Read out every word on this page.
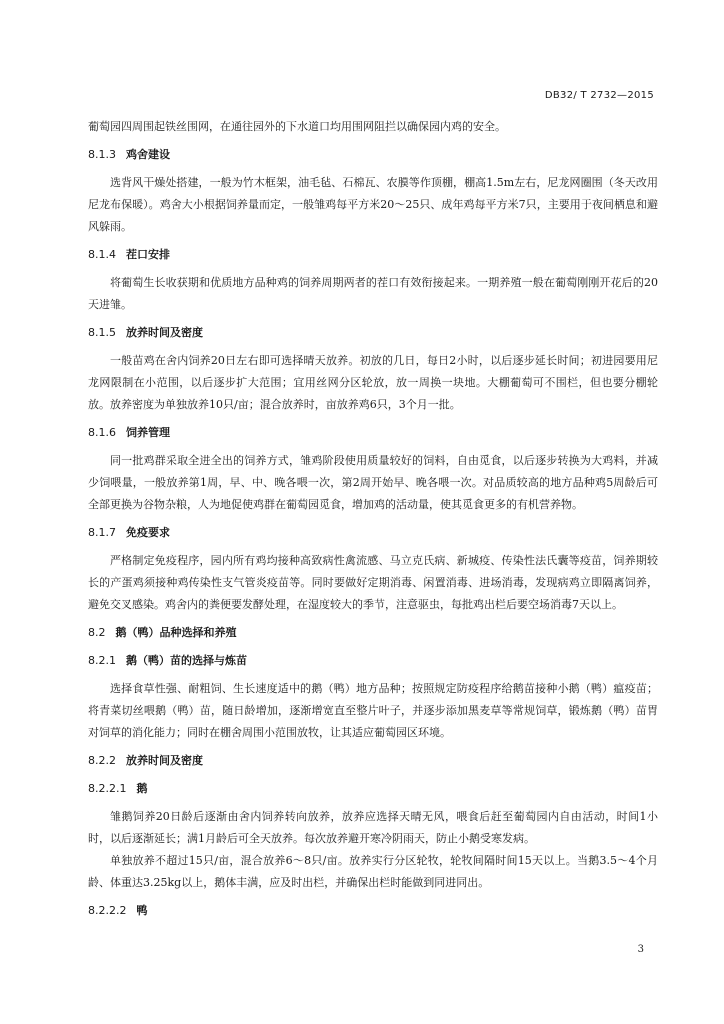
DB32/ T 2732—2015

葡萄园四周围起铁丝围网，在通往园外的下水道口均用围网阻拦以确保园内鸡的安全。

8.1.3 鸡舍建设

选背风干燥处搭建，一般为竹木框架，油毛毡、石棉瓦、农膜等作顶棚，棚高1.5m左右，尼龙网圈围（冬天改用尼龙布保暖）。鸡舍大小根据饲养量而定，一般雏鸡每平方米20～25只、成年鸡每平方米7只，主要用于夜间栖息和避风躲雨。

8.1.4 茬口安排

将葡萄生长收获期和优质地方品种鸡的饲养周期两者的茬口有效衔接起来。一期养殖一般在葡萄刚刚开花后的20天进雏。

8.1.5 放养时间及密度

一般苗鸡在舍内饲养20日左右即可选择晴天放养。初放的几日，每日2小时，以后逐步延长时间；初进园要用尼龙网限制在小范围，以后逐步扩大范围；宜用丝网分区轮放，放一周换一块地。大棚葡萄可不围栏，但也要分棚轮放。放养密度为单独放养10只/亩；混合放养时，亩放养鸡6只，3个月一批。

8.1.6 饲养管理

同一批鸡群采取全进全出的饲养方式，雏鸡阶段使用质量较好的饲料，自由觅食，以后逐步转换为大鸡料，并减少饲喂量，一般放养第1周，早、中、晚各喂一次，第2周开始早、晚各喂一次。对品质较高的地方品种鸡5周龄后可全部更换为谷物杂粮，人为地促使鸡群在葡萄园觅食，增加鸡的活动量，使其觅食更多的有机营养物。

8.1.7 免疫要求

严格制定免疫程序，园内所有鸡均接种高致病性禽流感、马立克氏病、新城疫、传染性法氏囊等疫苗，饲养期较长的产蛋鸡须接种鸡传染性支气管炎疫苗等。同时要做好定期消毒、闲置消毒、进场消毒，发现病鸡立即隔离饲养，避免交叉感染。鸡舍内的粪便要发酵处理，在湿度较大的季节，注意驱虫，每批鸡出栏后要空场消毒7天以上。

8.2 鹅（鸭）品种选择和养殖
8.2.1 鹅（鸭）苗的选择与炼苗

选择食草性强、耐粗饲、生长速度适中的鹅（鸭）地方品种；按照规定防疫程序给鹅苗接种小鹅（鸭）瘟疫苗；将青菜切丝喂鹅（鸭）苗，随日龄增加，逐渐增宽直至整片叶子，并逐步添加黑麦草等常规饲草，锻炼鹅（鸭）苗胃对饲草的消化能力；同时在棚舍周围小范围放牧，让其适应葡萄园区环境。

8.2.2 放养时间及密度
8.2.2.1 鹅

雏鹅饲养20日龄后逐渐由舍内饲养转向放养，放养应选择天晴无风，喂食后赶至葡萄园内自由活动，时间1小时，以后逐渐延长；满1月龄后可全天放养。每次放养避开寒冷阴雨天，防止小鹅受寒发病。

单独放养不超过15只/亩，混合放养6～8只/亩。放养实行分区轮牧，轮牧间隔时间15天以上。当鹅3.5～4个月龄、体重达3.25kg以上，鹅体丰满，应及时出栏，并确保出栏时能做到同进同出。

8.2.2.2 鸭
3
